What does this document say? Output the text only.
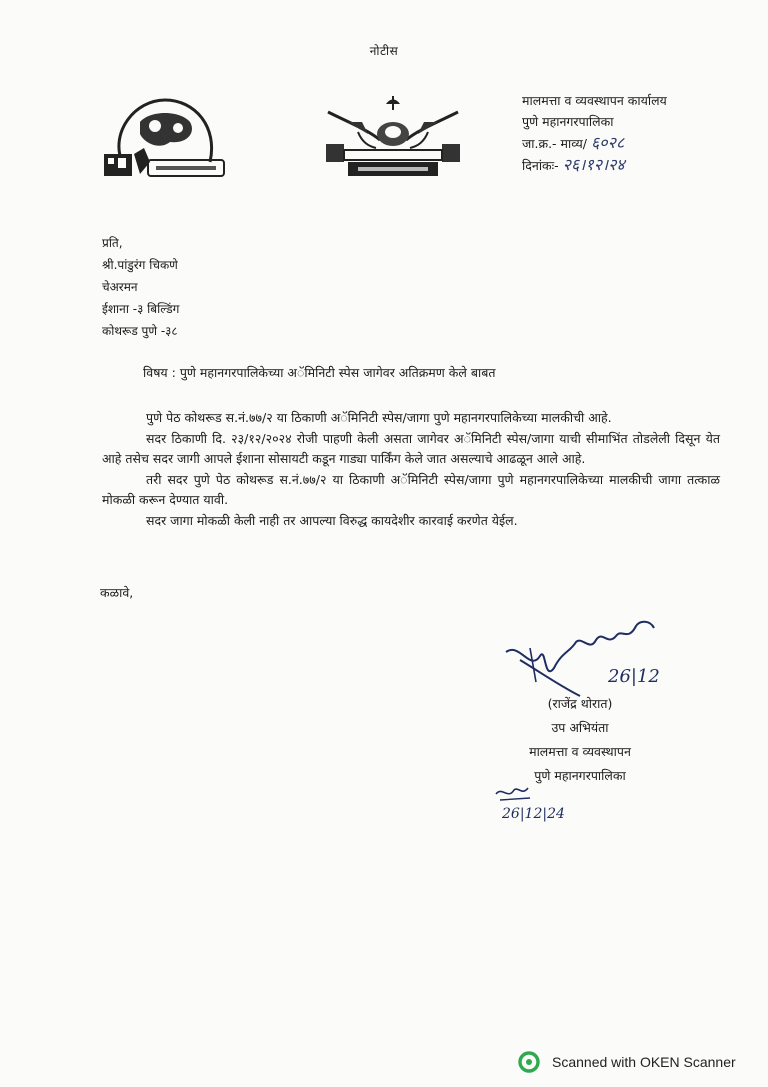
नोटीस
मालमत्ता व व्यवस्थापन कार्यालय
पुणे महानगरपालिका
जा.क्र.- माव्य/ ६०२८
दिनांकः- २६।१२।२४
प्रति,
श्री.पांडुरंग चिकणे
चेअरमन
ईशाना -३ बिल्डिंग
कोथरूड पुणे -३८
विषय : पुणे महानगरपालिकेच्या अॅमिनिटी स्पेस जागेवर अतिक्रमण केले बाबत

पुणे पेठ कोथरूड स.नं.७७/२ या ठिकाणी अॅमिनिटी स्पेस/जागा पुणे महानगरपालिकेच्या मालकीची आहे.

सदर ठिकाणी दि. २३/१२/२०२४ रोजी पाहणी केली असता जागेवर अॅमिनिटी स्पेस/जागा याची सीमाभिंत तोडलेली दिसून येत आहे तसेच सदर जागी आपले ईशाना सोसायटी कडून गाड्या पार्किंग केले जात असल्याचे आढळून आले आहे.

तरी सदर पुणे पेठ कोथरूड स.नं.७७/२ या ठिकाणी अॅमिनिटी स्पेस/जागा पुणे महानगरपालिकेच्या मालकीची जागा तत्काळ मोकळी करून देण्यात यावी.

सदर जागा मोकळी केली नाही तर आपल्या विरुद्ध कायदेशीर कारवाई करणेत येईल.

कळावे,
26|12
(राजेंद्र थोरात)
उप अभियंता
मालमत्ता व व्यवस्थापन
पुणे महानगरपालिका
26|12|24
Scanned with OKEN Scanner
